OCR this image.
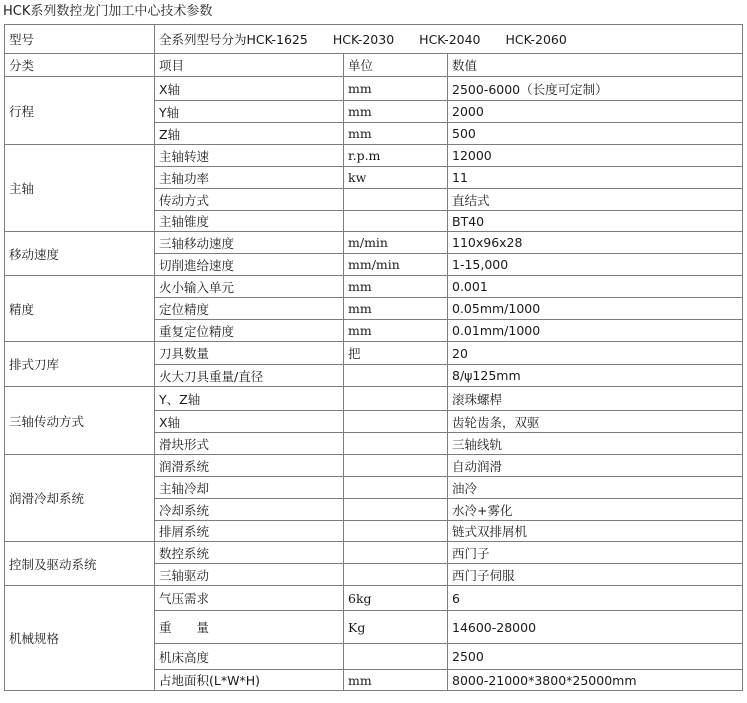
HCK系列数控龙门加工中心技术参数
型号	全系列型号分为HCK-1625　　HCK-2030　　HCK-2040　　HCK-2060		
分类	项目	单位	数值
行程	X轴	mm	2500-6000（长度可定制）
	Y轴	mm	2000
	Z轴	mm	500
主轴	主轴转速	r.p.m	12000
	主轴功率	kw	11
	传动方式		直结式
	主轴锥度		BT40
移动速度	三轴移动速度	m/min	110x96x28
	切削進给速度	mm/min	1-15,000
精度	火小输入单元	mm	0.001
	定位精度	mm	0.05mm/1000
	重复定位精度	mm	0.01mm/1000
排式刀库	刀具数量	把	20
	火大刀具重量/直径		8/ψ125mm
三轴传动方式	Y、Z轴		滚珠螺桿
	X轴		齿轮齿条，双驱
	滑块形式		三轴线轨
润滑冷却系统	润滑系统		自动润滑
	主轴冷却		油冷
	冷却系统		水冷+雾化
	排屑系统		链式双排屑机
控制及驱动系统	数控系统		西门子
	三轴驱动		西门子伺服
机械规格	气压需求	6kg	6
	重　　量	Kg	14600-28000
	机床高度		2500
	占地面积(L*W*H)	mm	8000-21000*3800*25000mm
